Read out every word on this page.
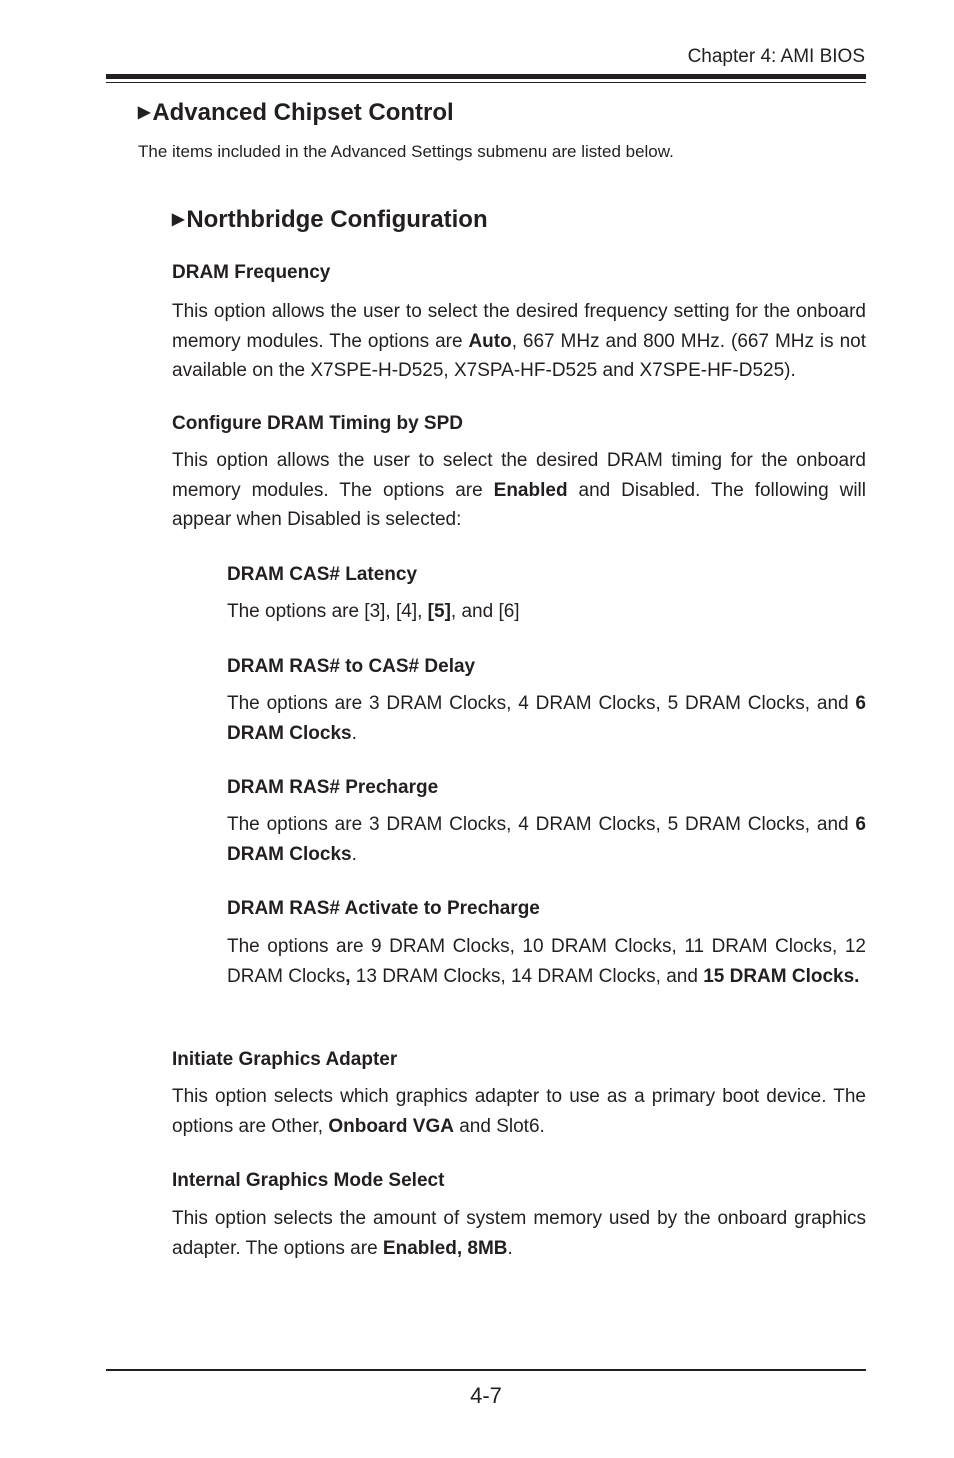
Chapter 4: AMI BIOS
▶Advanced Chipset Control
The items included in the Advanced Settings submenu are listed below.
▶Northbridge Configuration
DRAM Frequency
This option allows the user to select the desired frequency setting for the onboard memory modules. The options are Auto, 667 MHz and 800 MHz. (667 MHz is not available on the X7SPE-H-D525, X7SPA-HF-D525 and X7SPE-HF-D525).
Configure DRAM Timing by SPD
This option allows the user to select the desired DRAM timing for the onboard memory modules. The options are Enabled and Disabled. The following will appear when Disabled is selected:
DRAM CAS# Latency
The options are [3], [4], [5], and [6]
DRAM RAS# to CAS# Delay
The options are 3 DRAM Clocks, 4 DRAM Clocks, 5 DRAM Clocks, and 6 DRAM Clocks.
DRAM RAS# Precharge
The options are 3 DRAM Clocks, 4 DRAM Clocks, 5 DRAM Clocks, and 6 DRAM Clocks.
DRAM RAS# Activate to Precharge
The options are 9 DRAM Clocks, 10 DRAM Clocks, 11 DRAM Clocks, 12 DRAM Clocks, 13 DRAM Clocks, 14 DRAM Clocks, and 15 DRAM Clocks.
Initiate Graphics Adapter
This option selects which graphics adapter to use as a primary boot device. The options are Other, Onboard VGA and Slot6.
Internal Graphics Mode Select
This option selects the amount of system memory used by the onboard graphics adapter. The options are Enabled, 8MB.
4-7
